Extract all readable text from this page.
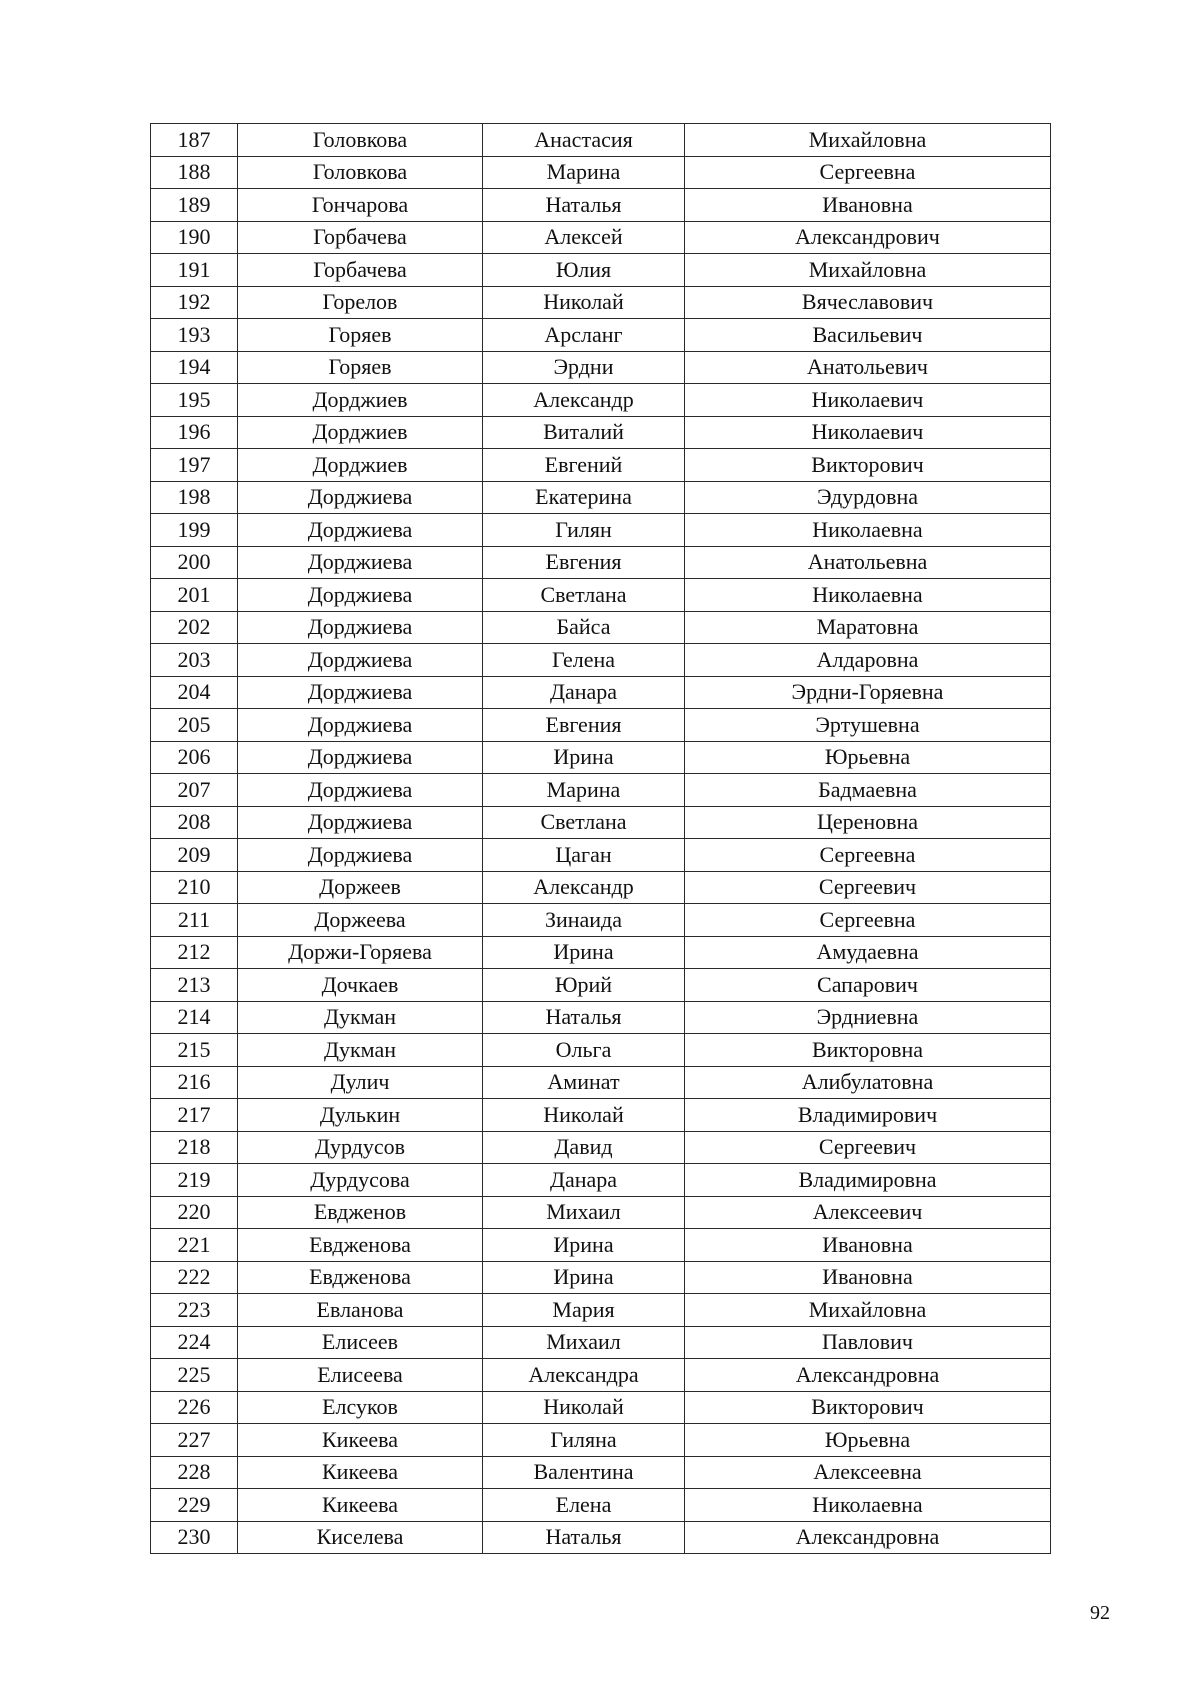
187	Головкова	Анастасия	Михайловна
188	Головкова	Марина	Сергеевна
189	Гончарова	Наталья	Ивановна
190	Горбачева	Алексей	Александрович
191	Горбачева	Юлия	Михайловна
192	Горелов	Николай	Вячеславович
193	Горяев	Арсланг	Васильевич
194	Горяев	Эрдни	Анатольевич
195	Дорджиев	Александр	Николаевич
196	Дорджиев	Виталий	Николаевич
197	Дорджиев	Евгений	Викторович
198	Дорджиева	Екатерина	Эдурдовна
199	Дорджиева	Гилян	Николаевна
200	Дорджиева	Евгения	Анатольевна
201	Дорджиева	Светлана	Николаевна
202	Дорджиева	Байса	Маратовна
203	Дорджиева	Гелена	Алдаровна
204	Дорджиева	Данара	Эрдни-Горяевна
205	Дорджиева	Евгения	Эртушевна
206	Дорджиева	Ирина	Юрьевна
207	Дорджиева	Марина	Бадмаевна
208	Дорджиева	Светлана	Цереновна
209	Дорджиева	Цаган	Сергеевна
210	Доржеев	Александр	Сергеевич
211	Доржеева	Зинаида	Сергеевна
212	Доржи-Горяева	Ирина	Амудаевна
213	Дочкаев	Юрий	Сапарович
214	Дукман	Наталья	Эрдниевна
215	Дукман	Ольга	Викторовна
216	Дулич	Аминат	Алибулатовна
217	Дулькин	Николай	Владимирович
218	Дурдусов	Давид	Сергеевич
219	Дурдусова	Данара	Владимировна
220	Евдженов	Михаил	Алексеевич
221	Евдженова	Ирина	Ивановна
222	Евдженова	Ирина	Ивановна
223	Евланова	Мария	Михайловна
224	Елисеев	Михаил	Павлович
225	Елисеева	Александра	Александровна
226	Елсуков	Николай	Викторович
227	Кикеева	Гиляна	Юрьевна
228	Кикеева	Валентина	Алексеевна
229	Кикеева	Елена	Николаевна
230	Киселева	Наталья	Александровна
92
